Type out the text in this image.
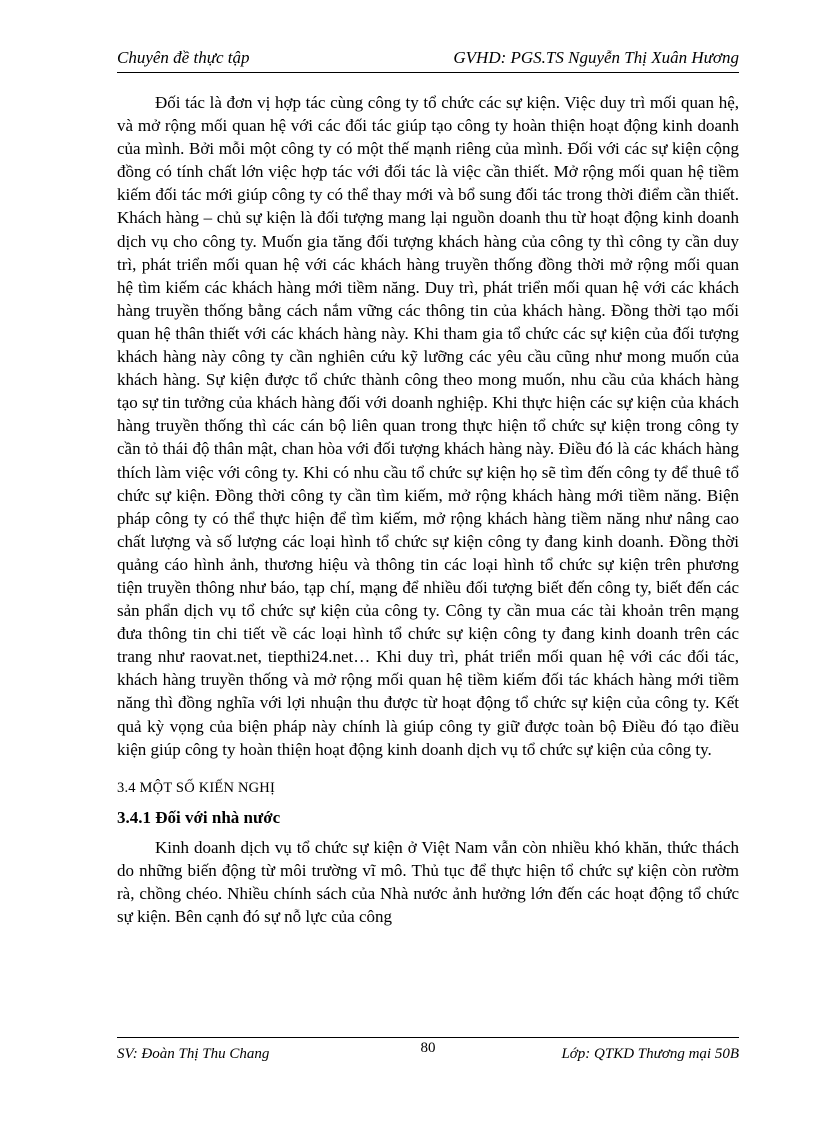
Chuyên đề thực tập	GVHD: PGS.TS Nguyễn Thị Xuân Hương

Đối tác là đơn vị hợp tác cùng công ty tổ chức các sự kiện. Việc duy trì mối quan hệ, và mở rộng mối quan hệ với các đối tác giúp tạo công ty hoàn thiện hoạt động kinh doanh của mình. Bởi mỗi một công ty có một thế mạnh riêng của mình. Đối với các sự kiện cộng đồng có tính chất lớn việc hợp tác với đối tác là việc cần thiết. Mở rộng mối quan hệ tiềm kiếm đối tác mới giúp công ty có thể thay mới và bổ sung đối tác trong thời điểm cần thiết. Khách hàng – chủ sự kiện là đối tượng mang lại nguồn doanh thu từ hoạt động kinh doanh dịch vụ cho công ty. Muốn gia tăng đối tượng khách hàng của công ty thì công ty cần duy trì, phát triển mối quan hệ với các khách hàng truyền thống đồng thời mở rộng mối quan hệ tìm kiếm các khách hàng mới tiềm năng. Duy trì, phát triển mối quan hệ với các khách hàng truyền thống bằng cách nắm vững các thông tin của khách hàng. Đồng thời tạo mối quan hệ thân thiết với các khách hàng này. Khi tham gia tổ chức các sự kiện của đối tượng khách hàng này công ty cần nghiên cứu kỹ lưỡng các yêu cầu cũng như mong muốn của khách hàng. Sự kiện được tổ chức thành công theo mong muốn, nhu cầu của khách hàng tạo sự tin tưởng của khách hàng đối với doanh nghiệp. Khi thực hiện các sự kiện của khách hàng truyền thống thì các cán bộ liên quan trong thực hiện tổ chức sự kiện trong công ty cần tỏ thái độ thân mật, chan hòa với đối tượng khách hàng này. Điều đó là các khách hàng thích làm việc với công ty. Khi có nhu cầu tổ chức sự kiện họ sẽ tìm đến công ty để thuê tổ chức sự kiện. Đồng thời công ty cần tìm kiếm, mở rộng khách hàng mới tiềm năng. Biện pháp công ty có thể thực hiện để tìm kiếm, mở rộng khách hàng tiềm năng như nâng cao chất lượng và số lượng các loại hình tổ chức sự kiện công ty đang kinh doanh. Đồng thời quảng cáo hình ảnh, thương hiệu và thông tin các loại hình tổ chức sự kiện trên phương tiện truyền thông như báo, tạp chí, mạng để nhiều đối tượng biết đến công ty, biết đến các sản phẩn dịch vụ tổ chức sự kiện của công ty. Công ty cần mua các tài khoản trên mạng đưa thông tin chi tiết về các loại hình tổ chức sự kiện công ty đang kinh doanh trên các trang như raovat.net, tiepthi24.net… Khi duy trì, phát triển mối quan hệ với các đối tác, khách hàng truyền thống và mở rộng mối quan hệ tiềm kiếm đối tác khách hàng mới tiềm năng thì đồng nghĩa với lợi nhuận thu được từ hoạt động tổ chức sự kiện của công ty. Kết quả kỳ vọng của biện pháp này chính là giúp công ty giữ được toàn bộ Điều đó tạo điều kiện giúp công ty hoàn thiện hoạt động kinh doanh dịch vụ tổ chức sự kiện của công ty.

3.4 MỘT SỐ KIẾN NGHỊ
3.4.1 Đối với nhà nước

Kinh doanh dịch vụ tổ chức sự kiện ở Việt Nam vẫn còn nhiều khó khăn, thức thách do những biến động từ môi trường vĩ mô. Thủ tục để thực hiện tổ chức sự kiện còn rườm rà, chồng chéo. Nhiều chính sách của Nhà nước ảnh hưởng lớn đến các hoạt động tổ chức sự kiện. Bên cạnh đó sự nỗ lực của công

SV: Đoàn Thị Thu Chang	80	Lớp: QTKD Thương mại 50B
